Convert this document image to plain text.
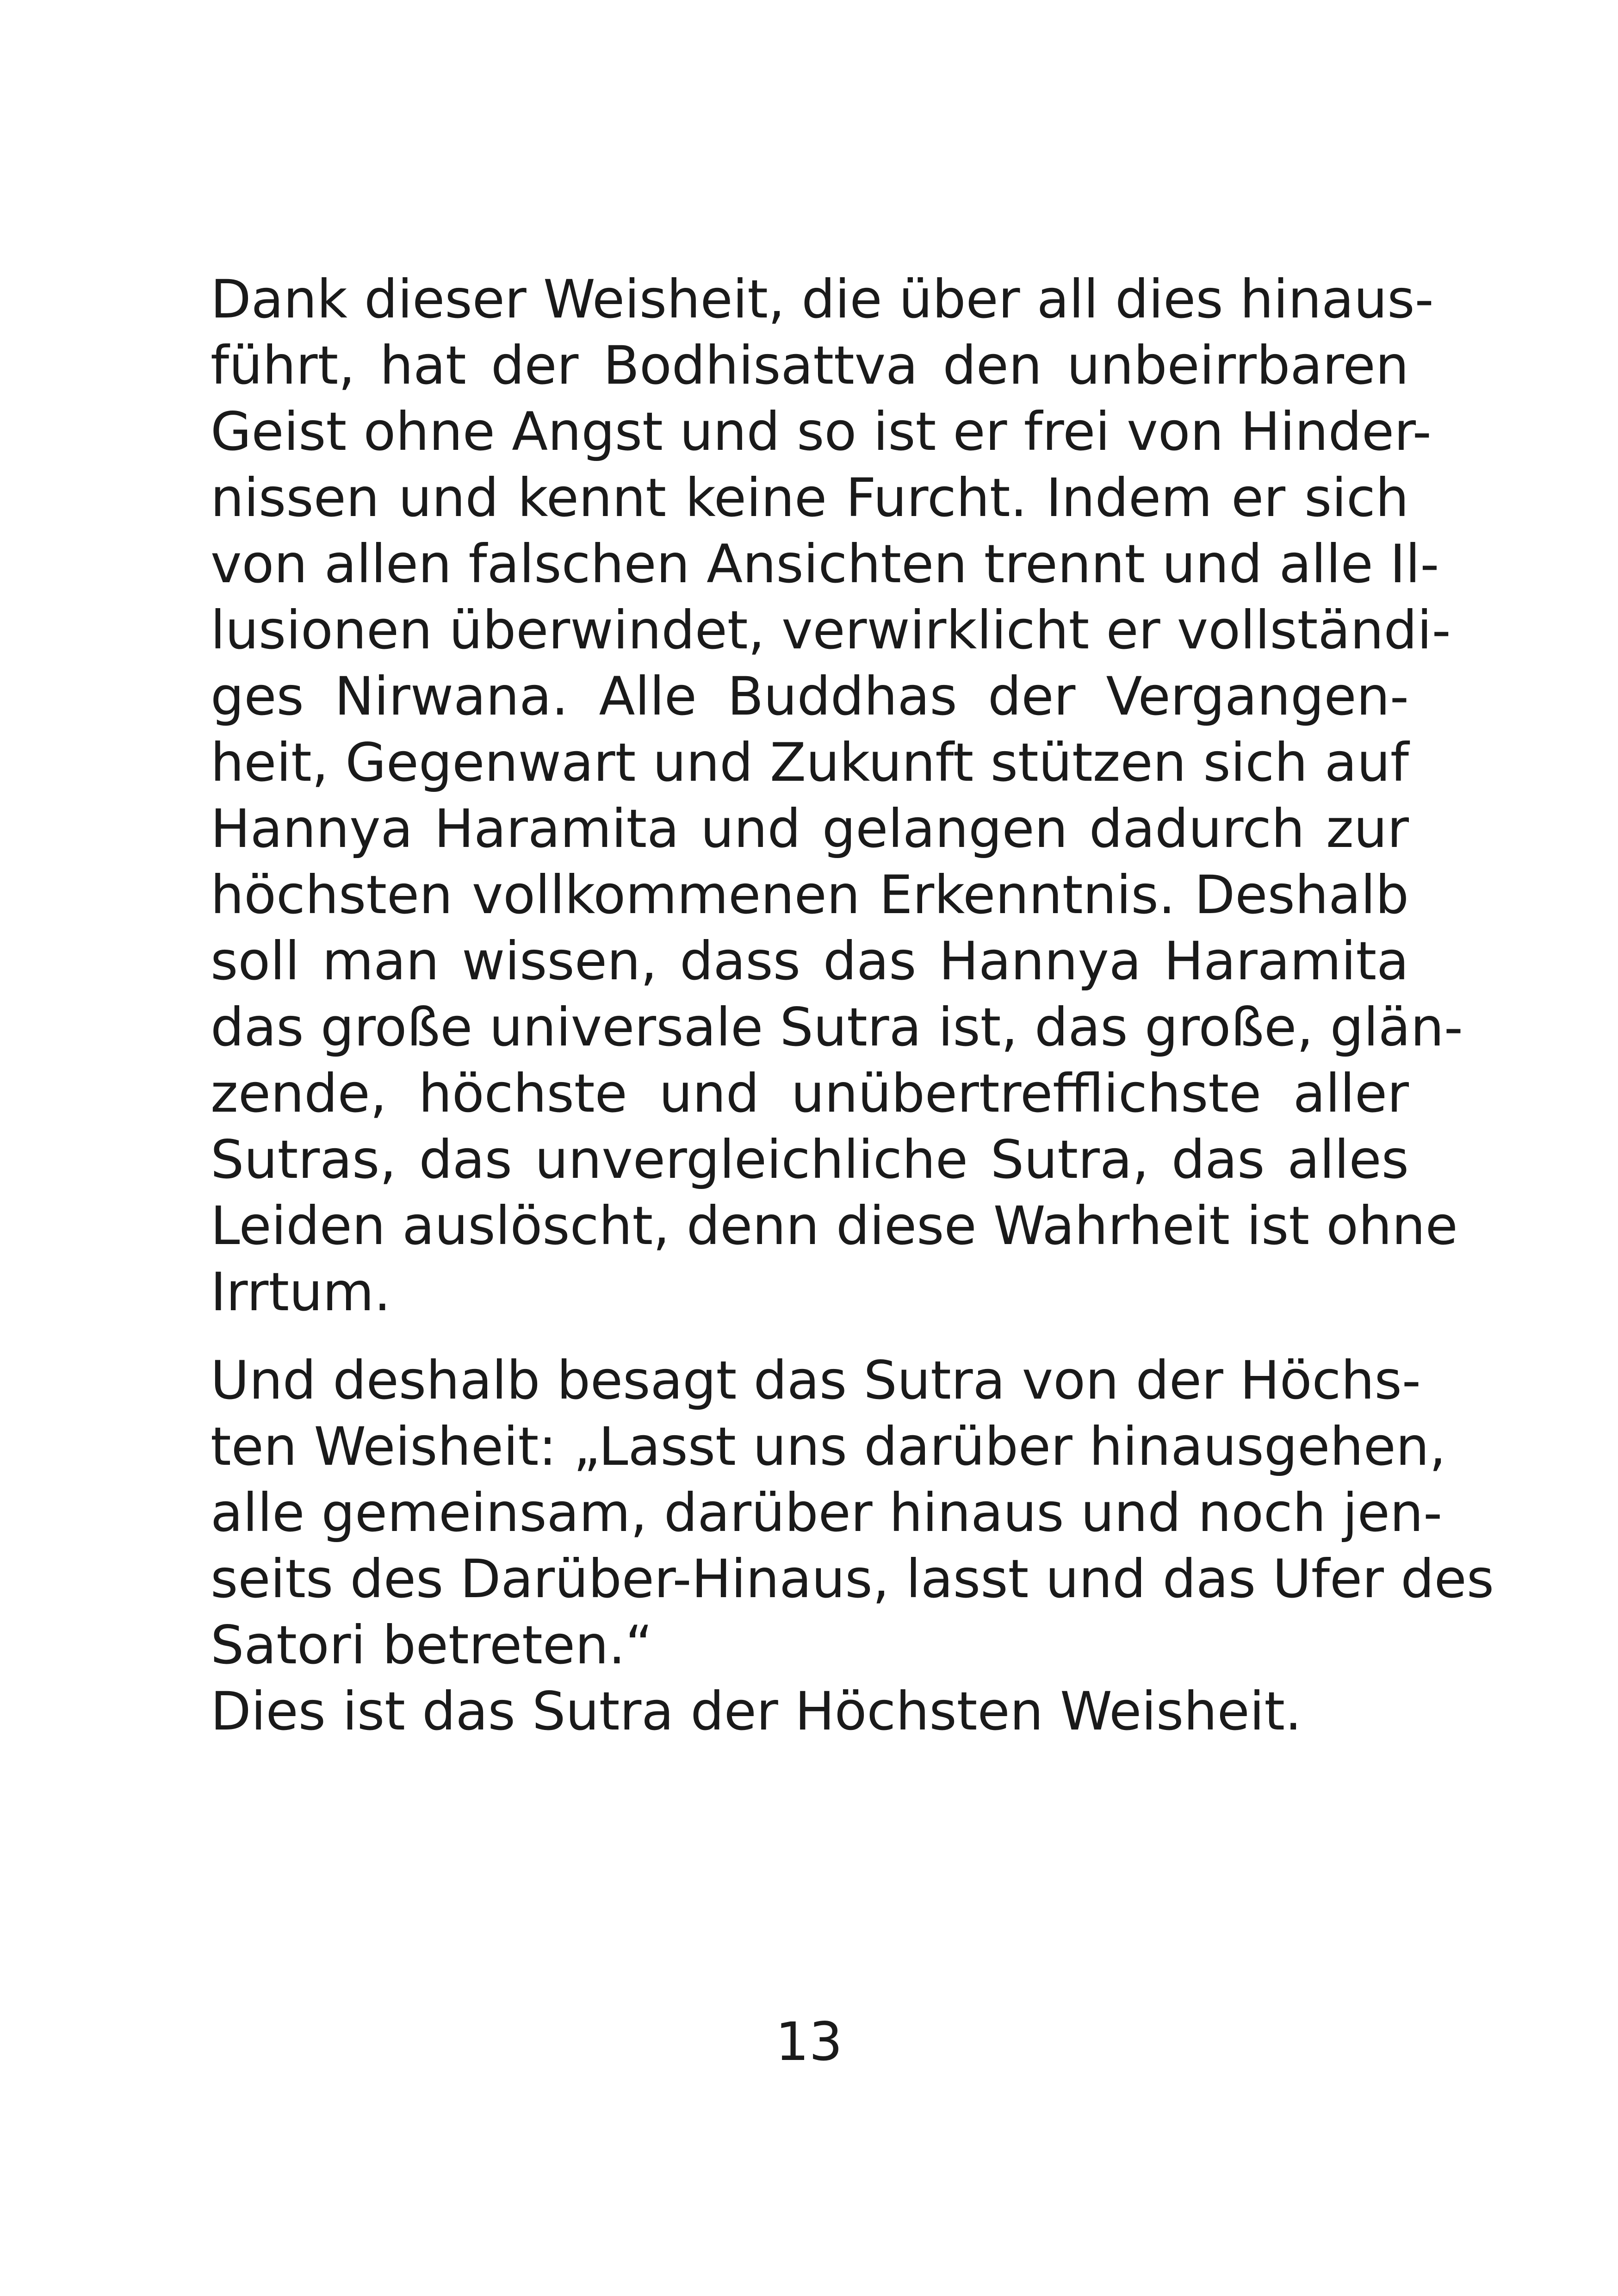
Dank dieser Weisheit, die über all dies hinaus-
führt, hat der Bodhisattva den unbeirrbaren
Geist ohne Angst und so ist er frei von Hinder-
nissen und kennt keine Furcht. Indem er sich
von allen falschen Ansichten trennt und alle Il-
lusionen überwindet, verwirklicht er vollständi-
ges Nirwana. Alle Buddhas der Vergangen-
heit, Gegenwart und Zukunft stützen sich auf
Hannya Haramita und gelangen dadurch zur
höchsten vollkommenen Erkenntnis. Deshalb
soll man wissen, dass das Hannya Haramita
das große universale Sutra ist, das große, glän-
zende, höchste und unübertrefflichste aller
Sutras, das unvergleichliche Sutra, das alles
Leiden auslöscht, denn diese Wahrheit ist ohne
Irrtum.
Und deshalb besagt das Sutra von der Höchs-
ten Weisheit: „Lasst uns darüber hinausgehen,
alle gemeinsam, darüber hinaus und noch jen-
seits des Darüber-Hinaus, lasst und das Ufer des
Satori betreten.“
Dies ist das Sutra der Höchsten Weisheit.
13
